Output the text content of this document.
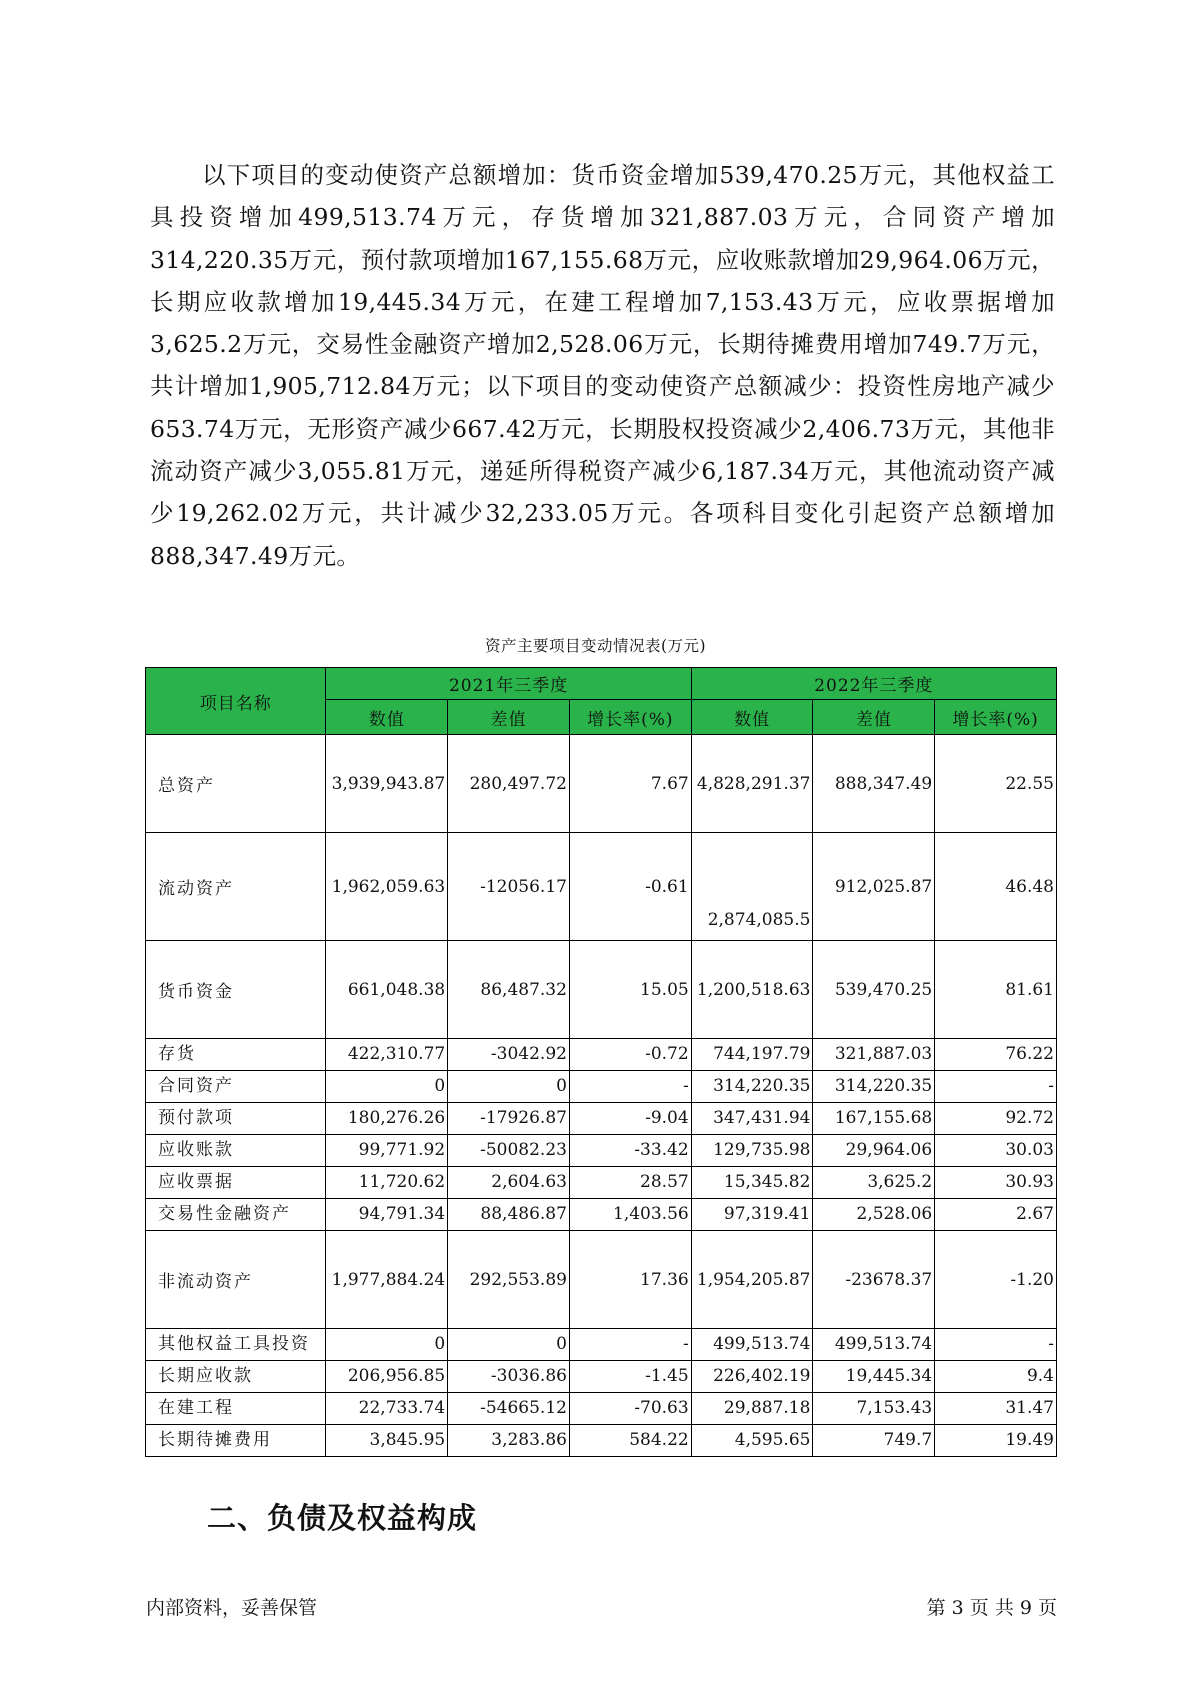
以下项目的变动使资产总额增加：货币资金增加539,470.25万元，其他权益工具投资增加499,513.74万元，存货增加321,887.03万元，合同资产增加314,220.35万元，预付款项增加167,155.68万元，应收账款增加29,964.06万元，长期应收款增加19,445.34万元，在建工程增加7,153.43万元，应收票据增加3,625.2万元，交易性金融资产增加2,528.06万元，长期待摊费用增加749.7万元，共计增加1,905,712.84万元；以下项目的变动使资产总额减少：投资性房地产减少653.74万元，无形资产减少667.42万元，长期股权投资减少2,406.73万元，其他非流动资产减少3,055.81万元，递延所得税资产减少6,187.34万元，其他流动资产减少19,262.02万元，共计减少32,233.05万元。各项科目变化引起资产总额增加888,347.49万元。

资产主要项目变动情况表(万元)
项目名称	2021年三季度			2022年三季度		
	数值	差值	增长率(%)	数值	差值	增长率(%)
总资产	3,939,943.87	280,497.72	7.67	4,828,291.37	888,347.49	22.55
流动资产	1,962,059.63	-12056.17	-0.61	2,874,085.5	912,025.87	46.48
货币资金	661,048.38	86,487.32	15.05	1,200,518.63	539,470.25	81.61
存货	422,310.77	-3042.92	-0.72	744,197.79	321,887.03	76.22
合同资产	0	0	-	314,220.35	314,220.35	-
预付款项	180,276.26	-17926.87	-9.04	347,431.94	167,155.68	92.72
应收账款	99,771.92	-50082.23	-33.42	129,735.98	29,964.06	30.03
应收票据	11,720.62	2,604.63	28.57	15,345.82	3,625.2	30.93
交易性金融资产	94,791.34	88,486.87	1,403.56	97,319.41	2,528.06	2.67
非流动资产	1,977,884.24	292,553.89	17.36	1,954,205.87	-23678.37	-1.20
其他权益工具投资	0	0	-	499,513.74	499,513.74	-
长期应收款	206,956.85	-3036.86	-1.45	226,402.19	19,445.34	9.4
在建工程	22,733.74	-54665.12	-70.63	29,887.18	7,153.43	31.47
长期待摊费用	3,845.95	3,283.86	584.22	4,595.65	749.7	19.49
二、负债及权益构成
内部资料，妥善保管	第 3 页 共 9 页
